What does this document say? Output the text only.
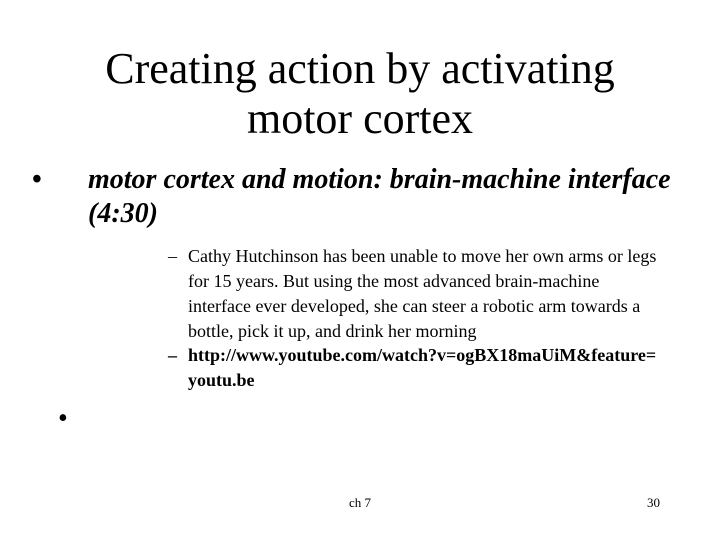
Creating action by activating motor cortex
•	motor cortex and motion: brain-machine interface (4:30)
– Cathy Hutchinson has been unable to move her own arms or legs for 15 years. But using the most advanced brain-machine interface ever developed, she can steer a robotic arm towards a bottle, pick it up, and drink her morning
– http://www.youtube.com/watch?v=ogBX18maUiM&feature=youtu.be
•
ch 7	30
